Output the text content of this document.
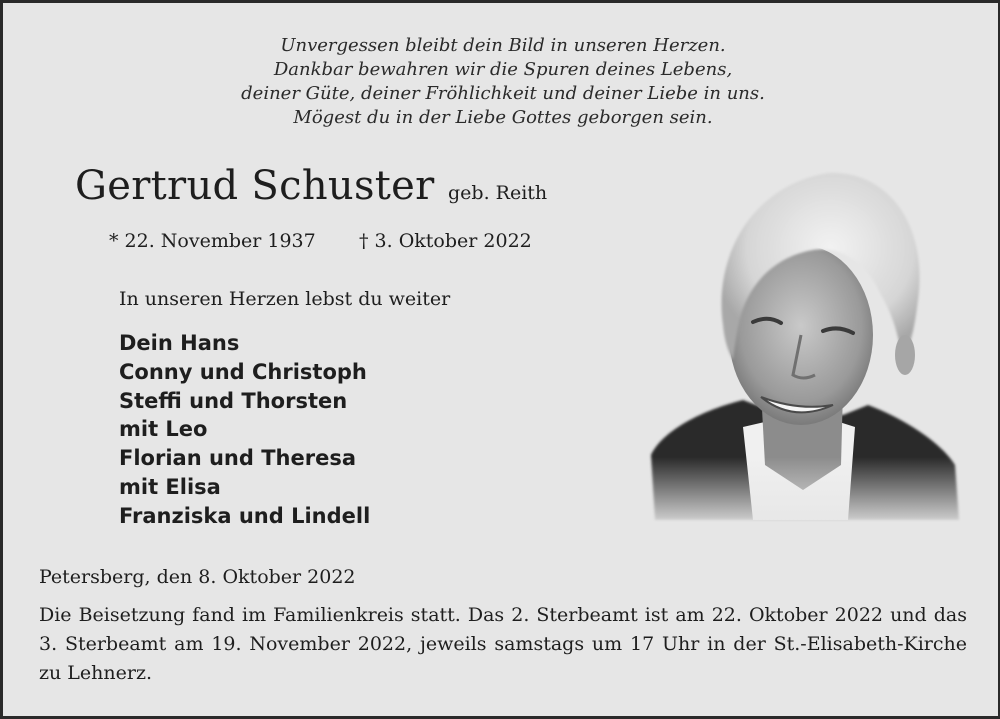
Unvergessen bleibt dein Bild in unseren Herzen.
Dankbar bewahren wir die Spuren deines Lebens,
deiner Güte, deiner Fröhlichkeit und deiner Liebe in uns.
Mögest du in der Liebe Gottes geborgen sein.
Gertrud Schuster geb. Reith
* 22. November 1937 † 3. Oktober 2022
In unseren Herzen lebst du weiter
Dein Hans
Conny und Christoph
Steffi und Thorsten
mit Leo
Florian und Theresa
mit Elisa
Franziska und Lindell
Petersberg, den 8. Oktober 2022
Die Beisetzung fand im Familienkreis statt. Das 2. Sterbeamt ist am 22. Oktober 2022 und das 3. Sterbeamt am 19. November 2022, jeweils samstags um 17 Uhr in der St.-Elisabeth-Kirche zu Lehnerz.
